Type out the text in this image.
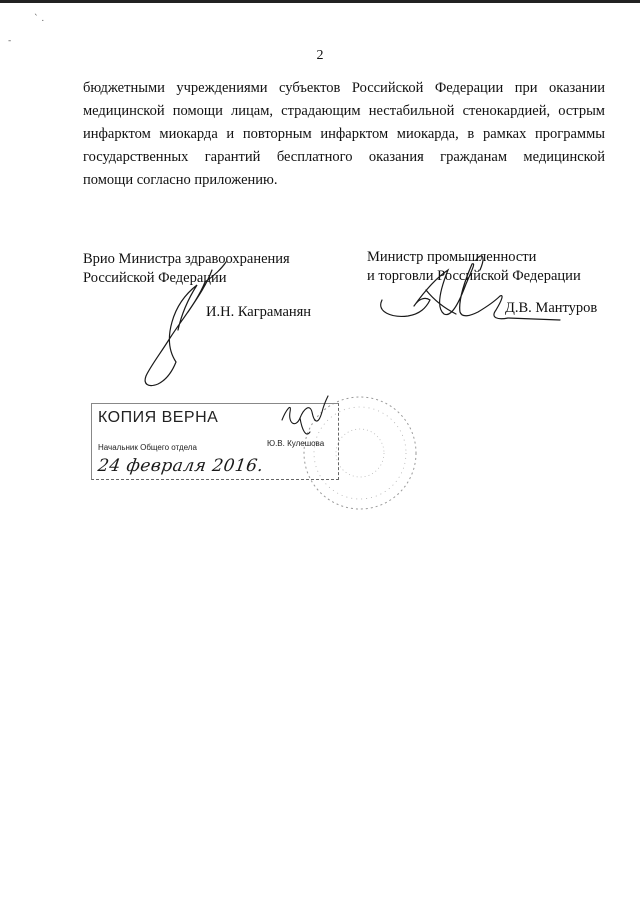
` .
-
2
бюджетными учреждениями субъектов Российской Федерации при оказании
медицинской помощи лицам, страдающим нестабильной стенокардией, острым
инфарктом миокарда и повторным инфарктом миокарда, в рамках программы
государственных гарантий бесплатного оказания гражданам медицинской
помощи согласно приложению.
Врио Министра здравоохранения
Российской Федерации
И.Н. Каграманян
Министр промышленности
и торговли Российской Федерации
Д.В. Мантуров
КОПИЯ ВЕРНА
Начальник Общего отдела	Ю.В. Кулешова
24 февраля 2016.
